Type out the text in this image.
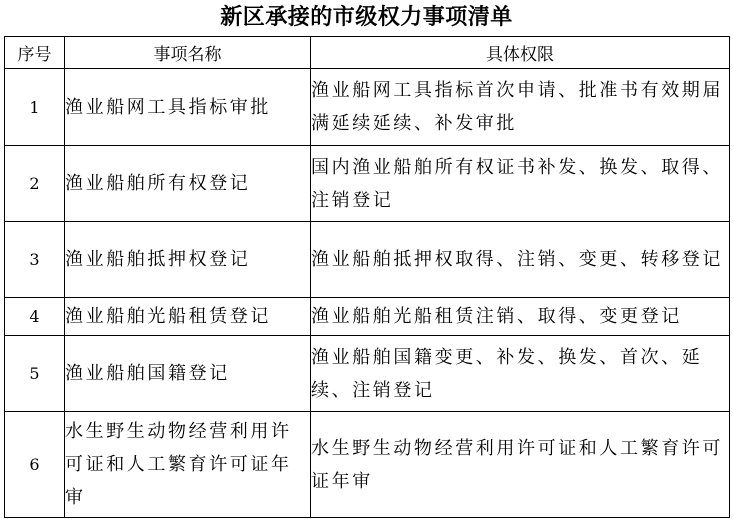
新区承接的市级权力事项清单
序号	事项名称	具体权限
1	渔业船网工具指标审批	渔业船网工具指标首次申请、批准书有效期届满延续延续、补发审批
2	渔业船舶所有权登记	国内渔业船舶所有权证书补发、换发、取得、注销登记
3	渔业船舶抵押权登记	渔业船舶抵押权取得、注销、变更、转移登记
4	渔业船舶光船租赁登记	渔业船舶光船租赁注销、取得、变更登记
5	渔业船舶国籍登记	渔业船舶国籍变更、补发、换发、首次、延续、注销登记
6	水生野生动物经营利用许可证和人工繁育许可证年审	水生野生动物经营利用许可证和人工繁育许可证年审
